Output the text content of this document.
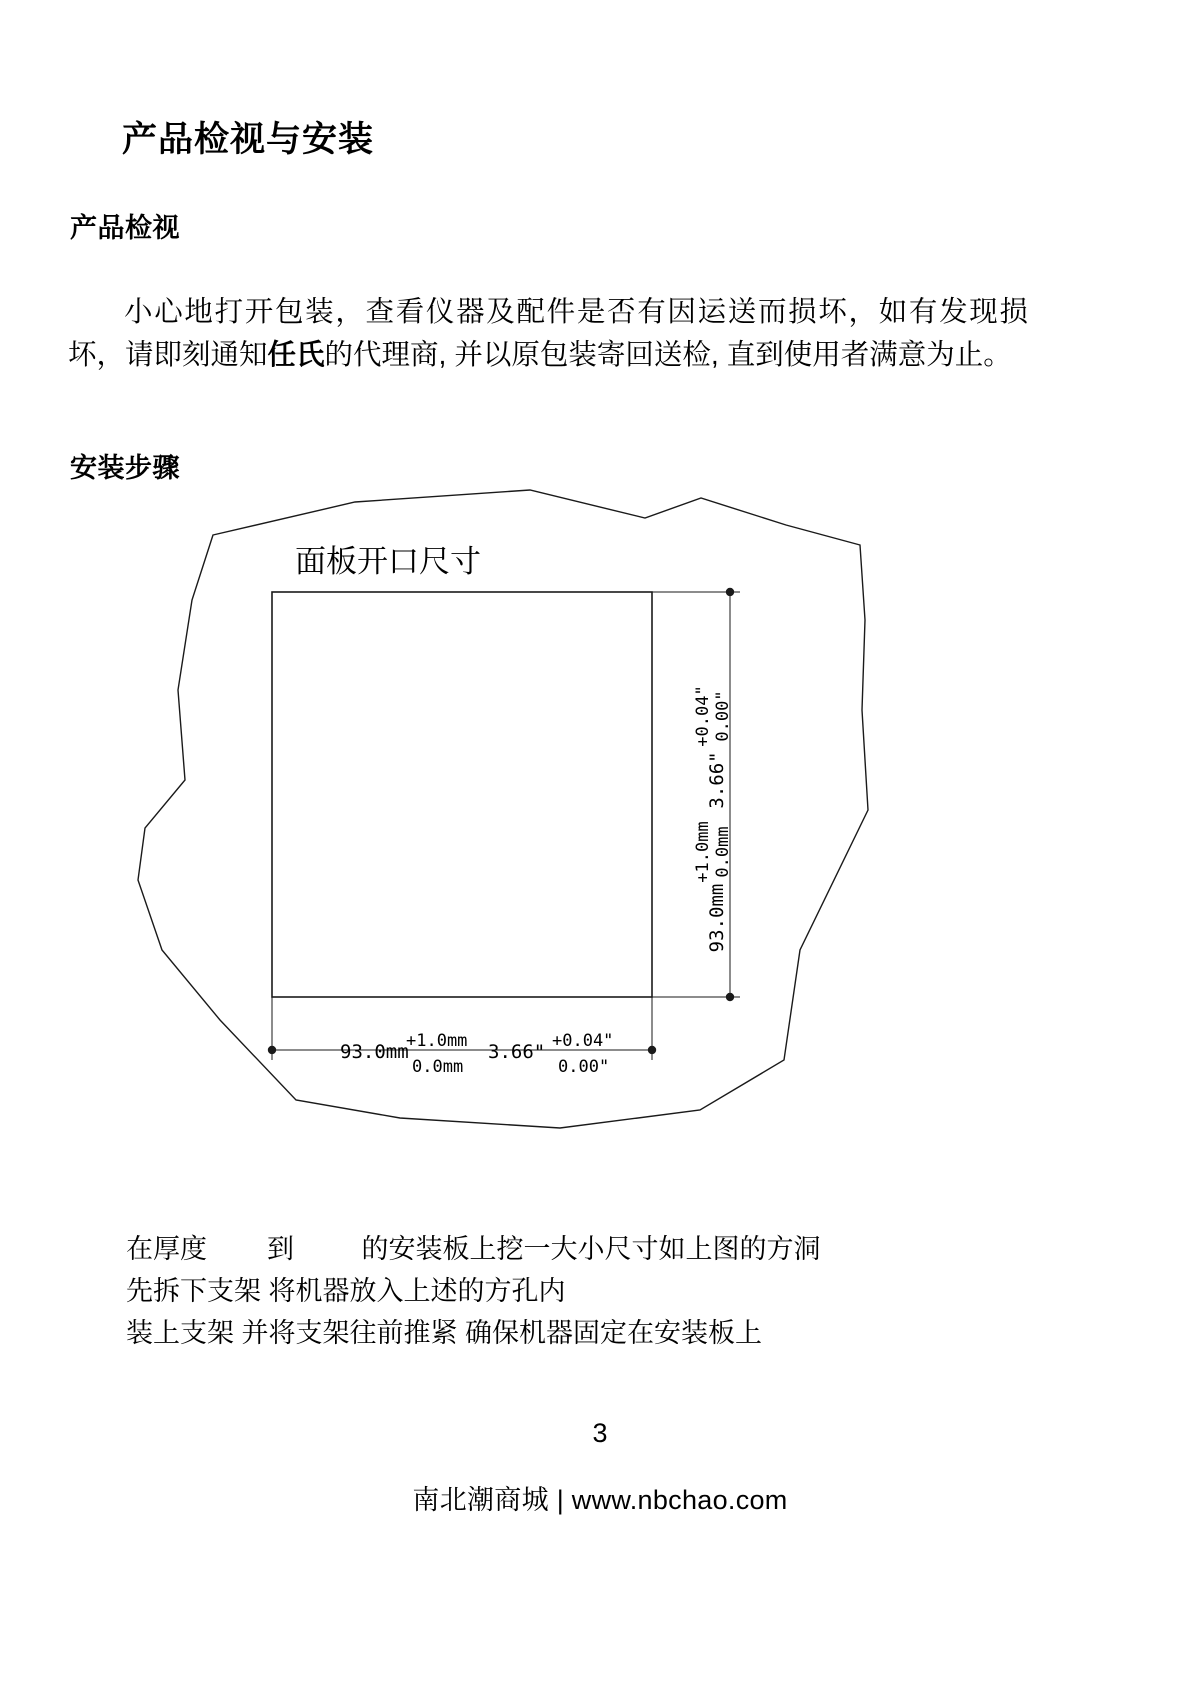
产品检视与安装
产品检视

小心地打开包装，查看仪器及配件是否有因运送而损坏，如有发现损坏，请即刻通知任氏的代理商, 并以原包装寄回送检, 直到使用者满意为止。

安装步骤
面板开口尺寸
3.66"
+0.04" 0.00"
93.0mm
+1.0mm 0.0mm
93.0mm
+1.0mm
0.0mm
3.66" +0.04"
0.00"
在厚度        到         的安装板上挖一大小尺寸如上图的方洞
先拆下支架 将机器放入上述的方孔内
装上支架 并将支架往前推紧 确保机器固定在安装板上
3
南北潮商城 | www.nbchao.com
